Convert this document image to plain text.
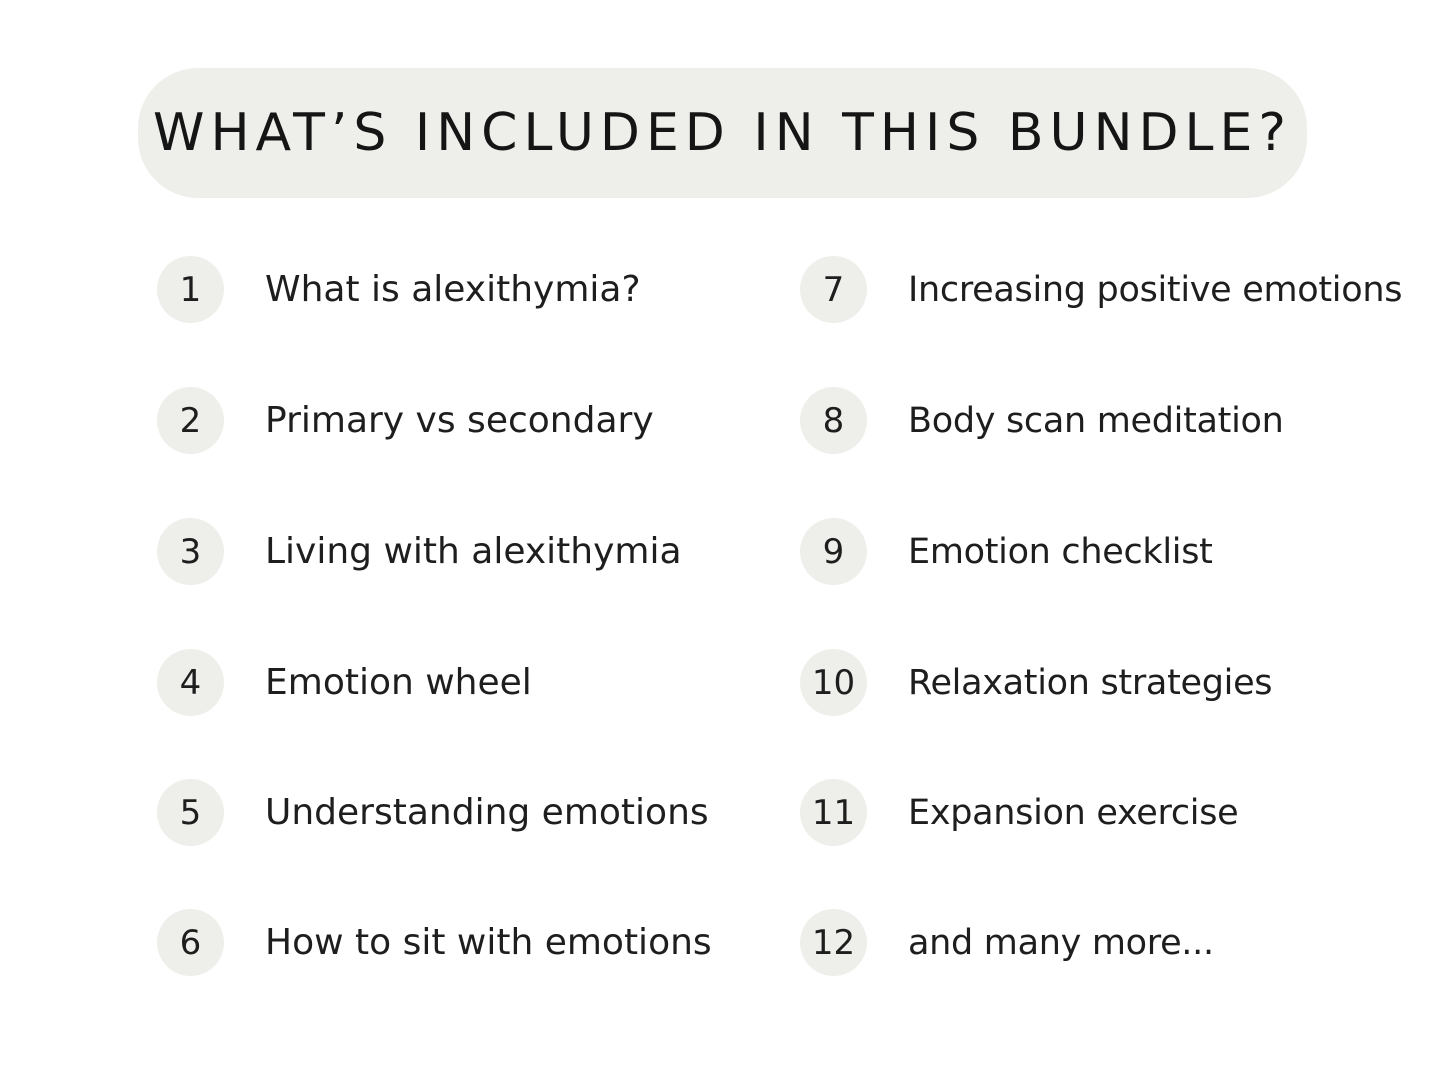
WHAT’S INCLUDED IN THIS BUNDLE?
1	What is alexithymia?
2	Primary vs secondary
3	Living with alexithymia
4	Emotion wheel
5	Understanding emotions
6	How to sit with emotions
7	Increasing positive emotions
8	Body scan meditation
9	Emotion checklist
10	Relaxation strategies
11	Expansion exercise
12	and many more...
